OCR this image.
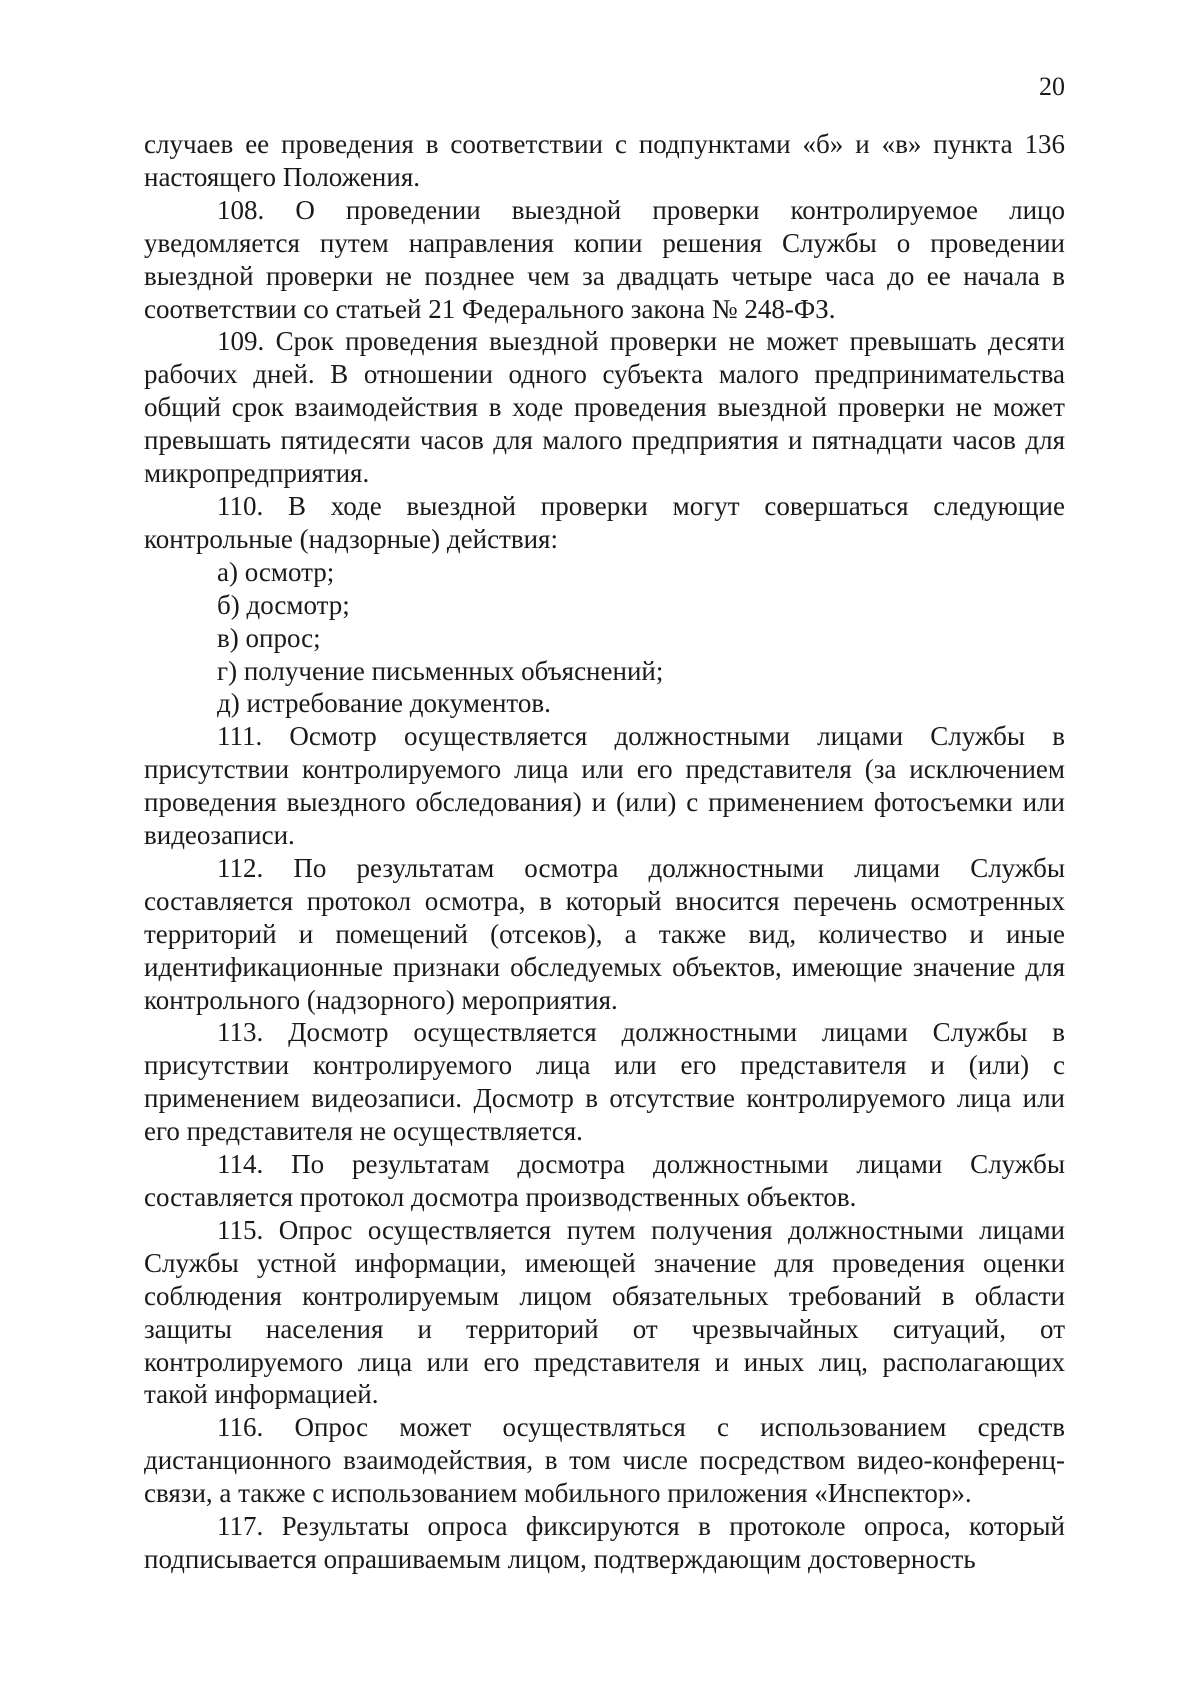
20

случаев ее проведения в соответствии с подпунктами «б» и «в» пункта 136 настоящего Положения.

108. О проведении выездной проверки контролируемое лицо уведомляется путем направления копии решения Службы о проведении выездной проверки не позднее чем за двадцать четыре часа до ее начала в соответствии со статьей 21 Федерального закона № 248-ФЗ.

109. Срок проведения выездной проверки не может превышать десяти рабочих дней. В отношении одного субъекта малого предпринимательства общий срок взаимодействия в ходе проведения выездной проверки не может превышать пятидесяти часов для малого предприятия и пятнадцати часов для микропредприятия.

110. В ходе выездной проверки могут совершаться следующие контрольные (надзорные) действия:

а) осмотр;

б) досмотр;

в) опрос;

г) получение письменных объяснений;

д) истребование документов.

111. Осмотр осуществляется должностными лицами Службы в присутствии контролируемого лица или его представителя (за исключением проведения выездного обследования) и (или) с применением фотосъемки или видеозаписи.

112. По результатам осмотра должностными лицами Службы составляется протокол осмотра, в который вносится перечень осмотренных территорий и помещений (отсеков), а также вид, количество и иные идентификационные признаки обследуемых объектов, имеющие значение для контрольного (надзорного) мероприятия.

113. Досмотр осуществляется должностными лицами Службы в присутствии контролируемого лица или его представителя и (или) с применением видеозаписи. Досмотр в отсутствие контролируемого лица или его представителя не осуществляется.

114. По результатам досмотра должностными лицами Службы составляется протокол досмотра производственных объектов.

115. Опрос осуществляется путем получения должностными лицами Службы устной информации, имеющей значение для проведения оценки соблюдения контролируемым лицом обязательных требований в области защиты населения и территорий от чрезвычайных ситуаций, от контролируемого лица или его представителя и иных лиц, располагающих такой информацией.

116. Опрос может осуществляться с использованием средств дистанционного взаимодействия, в том числе посредством видео-конференц-связи, а также с использованием мобильного приложения «Инспектор».

117. Результаты опроса фиксируются в протоколе опроса, который подписывается опрашиваемым лицом, подтверждающим достоверность
